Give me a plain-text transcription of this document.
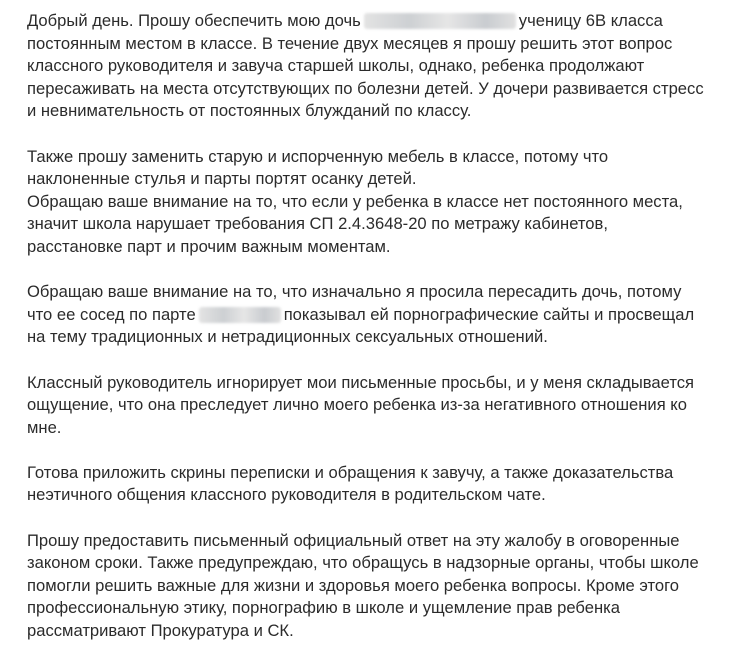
Добрый день. Прошу обеспечить мою дочь	ученицу 6В класса
постоянным местом в классе. В течение двух месяцев я прошу решить этот вопрос
классного руководителя и завуча старшей школы, однако, ребенка продолжают
пересаживать на места отсутствующих по болезни детей. У дочери развивается стресс
и невнимательность от постоянных блужданий по классу.
Также прошу заменить старую и испорченную мебель в классе, потому что
наклоненные стулья и парты портят осанку детей.
Обращаю ваше внимание на то, что если у ребенка в классе нет постоянного места,
значит школа нарушает требования СП 2.4.3648-20 по метражу кабинетов,
расстановке парт и прочим важным моментам.
Обращаю ваше внимание на то, что изначально я просила пересадить дочь, потому
что ее сосед по парте	показывал ей порнографические сайты и просвещал
на тему традиционных и нетрадиционных сексуальных отношений.
Классный руководитель игнорирует мои письменные просьбы, и у меня складывается
ощущение, что она преследует лично моего ребенка из-за негативного отношения ко
мне.
Готова приложить скрины переписки и обращения к завучу, а также доказательства
неэтичного общения классного руководителя в родительском чате.
Прошу предоставить письменный официальный ответ на эту жалобу в оговоренные
законом сроки. Также предупреждаю, что обращусь в надзорные органы, чтобы школе
помогли решить важные для жизни и здоровья моего ребенка вопросы. Кроме этого
профессиональную этику, порнографию в школе и ущемление прав ребенка
рассматривают Прокуратура и СК.
